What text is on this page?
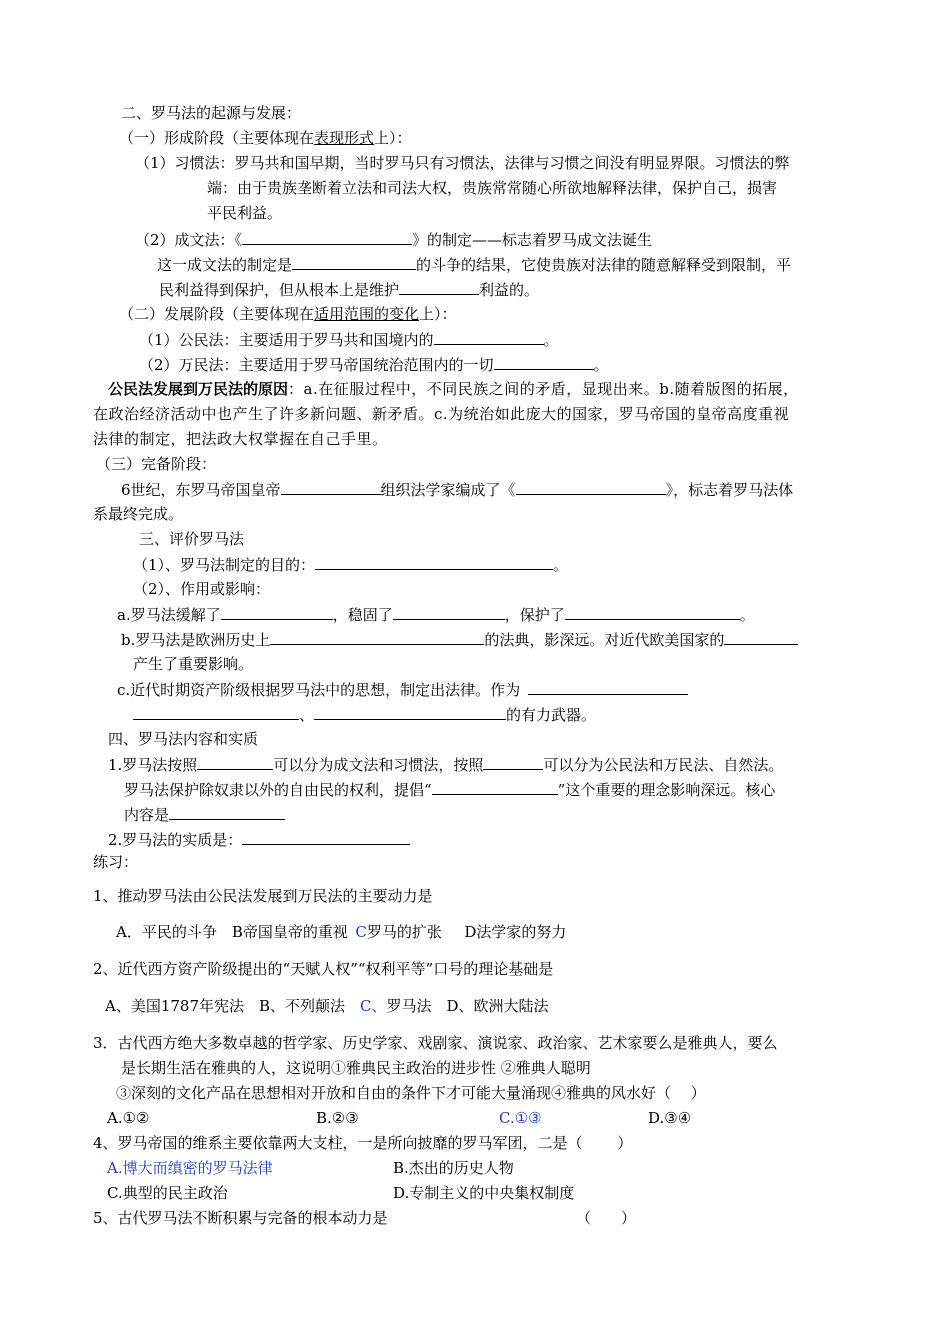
二、罗马法的起源与发展：
（一）形成阶段（主要体现在表现形式上）：
（1）习惯法：罗马共和国早期，当时罗马只有习惯法，法律与习惯之间没有明显界限。习惯法的弊
端：由于贵族垄断着立法和司法大权，贵族常常随心所欲地解释法律，保护自己，损害
平民利益。
（2）成文法：《	》的制定——标志着罗马成文法诞生
这一成文法的制定是	的斗争的结果，它使贵族对法律的随意解释受到限制，平
民利益得到保护，但从根本上是维护	利益的。
（二）发展阶段（主要体现在适用范围的变化上）：
（1）公民法：主要适用于罗马共和国境内的	。
（2）万民法：主要适用于罗马帝国统治范围内的一切	。
公民法发展到万民法的原因：a.在征服过程中，不同民族之间的矛盾，显现出来。b.随着版图的拓展，
在政治经济活动中也产生了许多新问题、新矛盾。c.为统治如此庞大的国家，罗马帝国的皇帝高度重视
法律的制定，把法政大权掌握在自己手里。
（三）完备阶段：
6世纪，东罗马帝国皇帝	组织法学家编成了《	》，标志着罗马法体
系最终完成。
三、评价罗马法
（1）、罗马法制定的目的：	。
（2）、作用或影响：
a.罗马法缓解了	，稳固了	，保护了	。
b.罗马法是欧洲历史上	的法典，影深远。对近代欧美国家的
产生了重要影响。
c.近代时期资产阶级根据罗马法中的思想，制定出法律。作为
、	的有力武器。
四、罗马法内容和实质
1.罗马法按照	可以分为成文法和习惯法，按照	可以分为公民法和万民法、自然法。
罗马法保护除奴隶以外的自由民的权利，提倡“	”这个重要的理念影响深远。核心
内容是
2.罗马法的实质是：
练习：
1、推动罗马法由公民法发展到万民法的主要动力是
A．平民的斗争　B帝国皇帝的重视  C罗马的扩张   D法学家的努力
2、近代西方资产阶级提出的“天赋人权”“权利平等”口号的理论基础是
A、美国1787年宪法　B、不列颠法  C、罗马法　D、欧洲大陆法
3．古代西方绝大多数卓越的哲学家、历史学家、戏剧家、演说家、政治家、艺术家要么是雅典人，要么
是长期生活在雅典的人，这说明①雅典民主政治的进步性 ②雅典人聪明
③深刻的文化产品在思想相对开放和自由的条件下才可能大量涌现④雅典的风水好（　 ）
A.①②	B.②③	C.①③	D.③④
4、罗马帝国的维系主要依靠两大支柱，一是所向披靡的罗马军团，二是（　　 ）
A.博大而缜密的罗马法律	B.杰出的历史人物
C.典型的民主政治	D.专制主义的中央集权制度
5、古代罗马法不断积累与完备的根本动力是	（　　）
